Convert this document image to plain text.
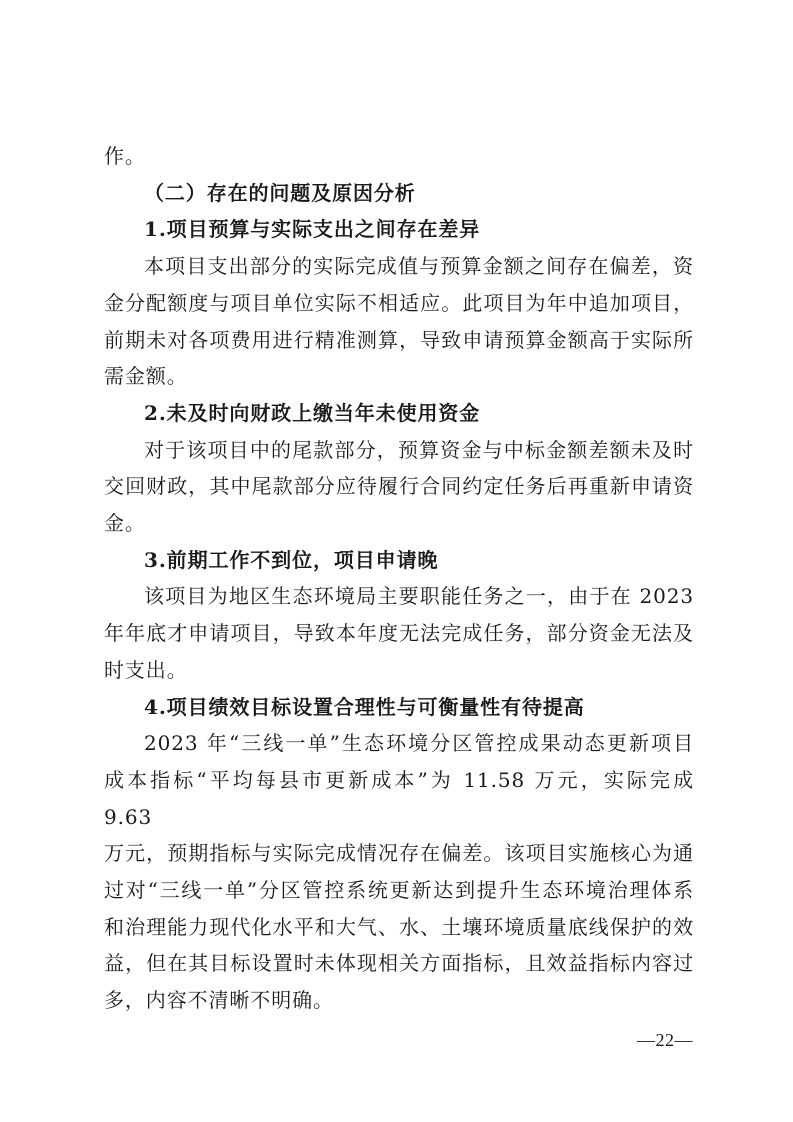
作。
（二）存在的问题及原因分析
1.项目预算与实际支出之间存在差异
本项目支出部分的实际完成值与预算金额之间存在偏差，资
金分配额度与项目单位实际不相适应。此项目为年中追加项目，
前期未对各项费用进行精准测算，导致申请预算金额高于实际所
需金额。
2.未及时向财政上缴当年未使用资金
对于该项目中的尾款部分，预算资金与中标金额差额未及时
交回财政，其中尾款部分应待履行合同约定任务后再重新申请资
金。
3.前期工作不到位，项目申请晚
该项目为地区生态环境局主要职能任务之一，由于在 2023
年年底才申请项目，导致本年度无法完成任务，部分资金无法及
时支出。
4.项目绩效目标设置合理性与可衡量性有待提高
2023 年“三线一单”生态环境分区管控成果动态更新项目
成本指标“平均每县市更新成本”为 11.58 万元，实际完成 9.63
万元，预期指标与实际完成情况存在偏差。该项目实施核心为通
过对“三线一单”分区管控系统更新达到提升生态环境治理体系
和治理能力现代化水平和大气、水、土壤环境质量底线保护的效
益，但在其目标设置时未体现相关方面指标，且效益指标内容过
多，内容不清晰不明确。
—22—
